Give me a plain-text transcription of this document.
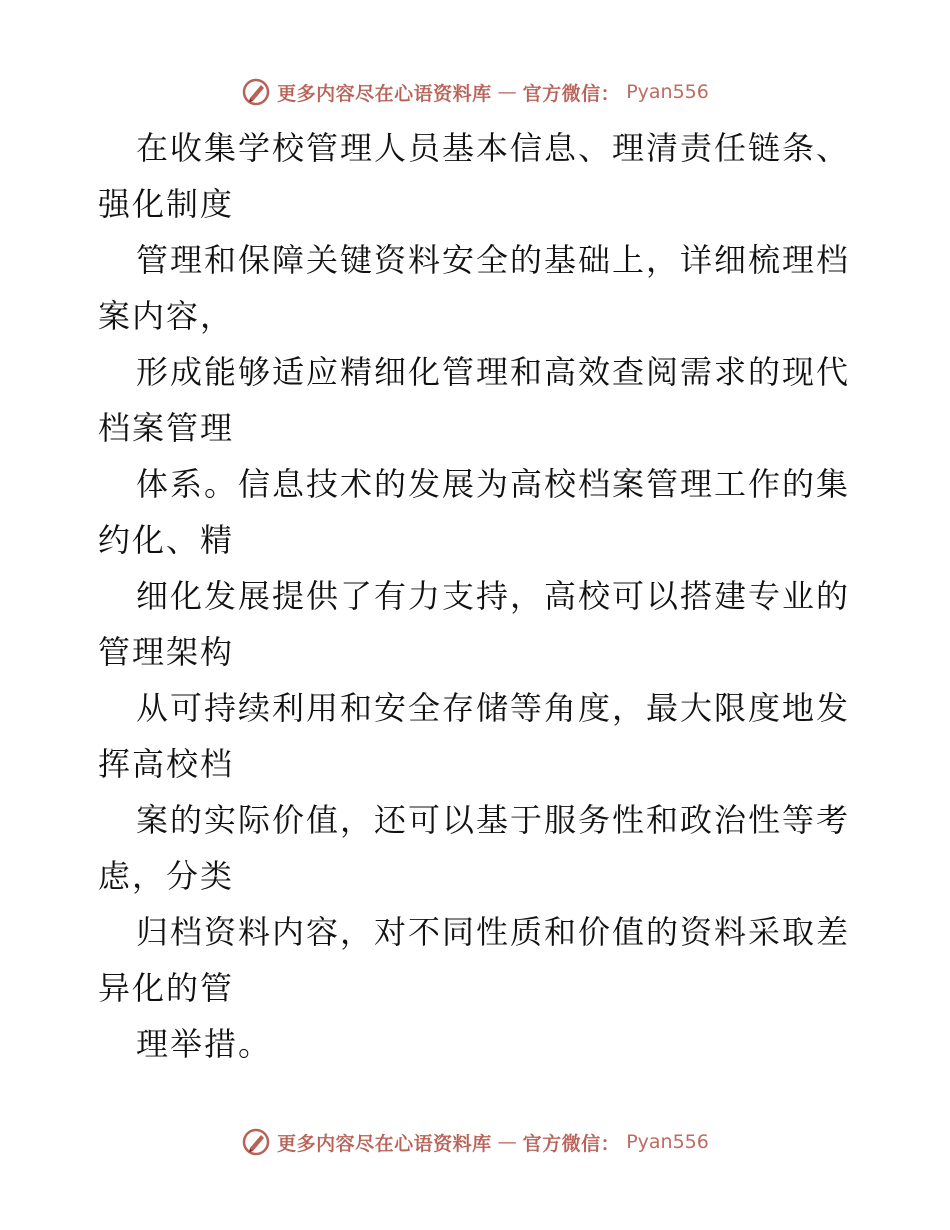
更多内容尽在心语资料库 — 官方微信： Pyan556

在收集学校管理人员基本信息、理清责任链条、
强化制度

管理和保障关键资料安全的基础上，详细梳理档
案内容，

形成能够适应精细化管理和高效查阅需求的现代
档案管理

体系。信息技术的发展为高校档案管理工作的集
约化、精

细化发展提供了有力支持，高校可以搭建专业的
管理架构

从可持续利用和安全存储等角度，最大限度地发
挥高校档

案的实际价值，还可以基于服务性和政治性等考
虑，分类

归档资料内容，对不同性质和价值的资料采取差
异化的管

理举措。

更多内容尽在心语资料库 — 官方微信： Pyan556
